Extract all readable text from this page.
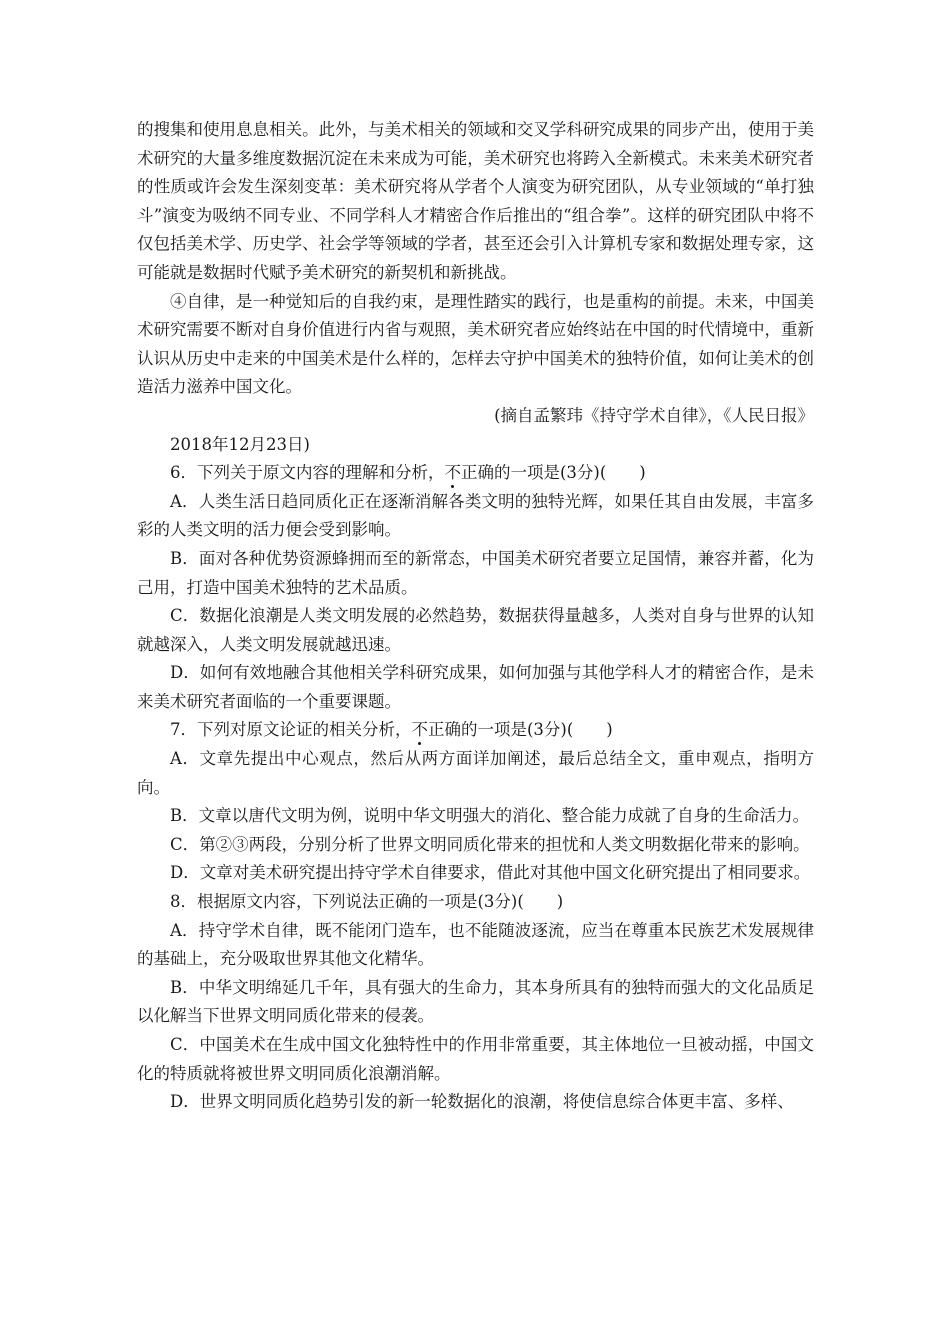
的搜集和使用息息相关。此外，与美术相关的领域和交叉学科研究成果的同步产出，使用于美术研究的大量多维度数据沉淀在未来成为可能，美术研究也将跨入全新模式。未来美术研究者的性质或许会发生深刻变革：美术研究将从学者个人演变为研究团队，从专业领域的“单打独斗”演变为吸纳不同专业、不同学科人才精密合作后推出的“组合拳”。这样的研究团队中将不仅包括美术学、历史学、社会学等领域的学者，甚至还会引入计算机专家和数据处理专家，这可能就是数据时代赋予美术研究的新契机和新挑战。

④自律，是一种觉知后的自我约束，是理性踏实的践行，也是重构的前提。未来，中国美术研究需要不断对自身价值进行内省与观照，美术研究者应始终站在中国的时代情境中，重新认识从历史中走来的中国美术是什么样的，怎样去守护中国美术的独特价值，如何让美术的创造活力滋养中国文化。

(摘自孟繁玮《持守学术自律》，《人民日报》

2018年12月23日)

6．下列关于原文内容的理解和分析，不正确的一项是(3分)(　　)

A．人类生活日趋同质化正在逐渐消解各类文明的独特光辉，如果任其自由发展，丰富多彩的人类文明的活力便会受到影响。

B．面对各种优势资源蜂拥而至的新常态，中国美术研究者要立足国情，兼容并蓄，化为己用，打造中国美术独特的艺术品质。

C．数据化浪潮是人类文明发展的必然趋势，数据获得量越多，人类对自身与世界的认知就越深入，人类文明发展就越迅速。

D．如何有效地融合其他相关学科研究成果，如何加强与其他学科人才的精密合作，是未来美术研究者面临的一个重要课题。

7．下列对原文论证的相关分析，不正确的一项是(3分)(　　)

A．文章先提出中心观点，然后从两方面详加阐述，最后总结全文，重申观点，指明方向。

B．文章以唐代文明为例，说明中华文明强大的消化、整合能力成就了自身的生命活力。

C．第②③两段，分别分析了世界文明同质化带来的担忧和人类文明数据化带来的影响。

D．文章对美术研究提出持守学术自律要求，借此对其他中国文化研究提出了相同要求。

8．根据原文内容，下列说法正确的一项是(3分)(　　)

A．持守学术自律，既不能闭门造车，也不能随波逐流，应当在尊重本民族艺术发展规律的基础上，充分吸取世界其他文化精华。

B．中华文明绵延几千年，具有强大的生命力，其本身所具有的独特而强大的文化品质足以化解当下世界文明同质化带来的侵袭。

C．中国美术在生成中国文化独特性中的作用非常重要，其主体地位一旦被动摇，中国文化的特质就将被世界文明同质化浪潮消解。

D．世界文明同质化趋势引发的新一轮数据化的浪潮，将使信息综合体更丰富、多样、
